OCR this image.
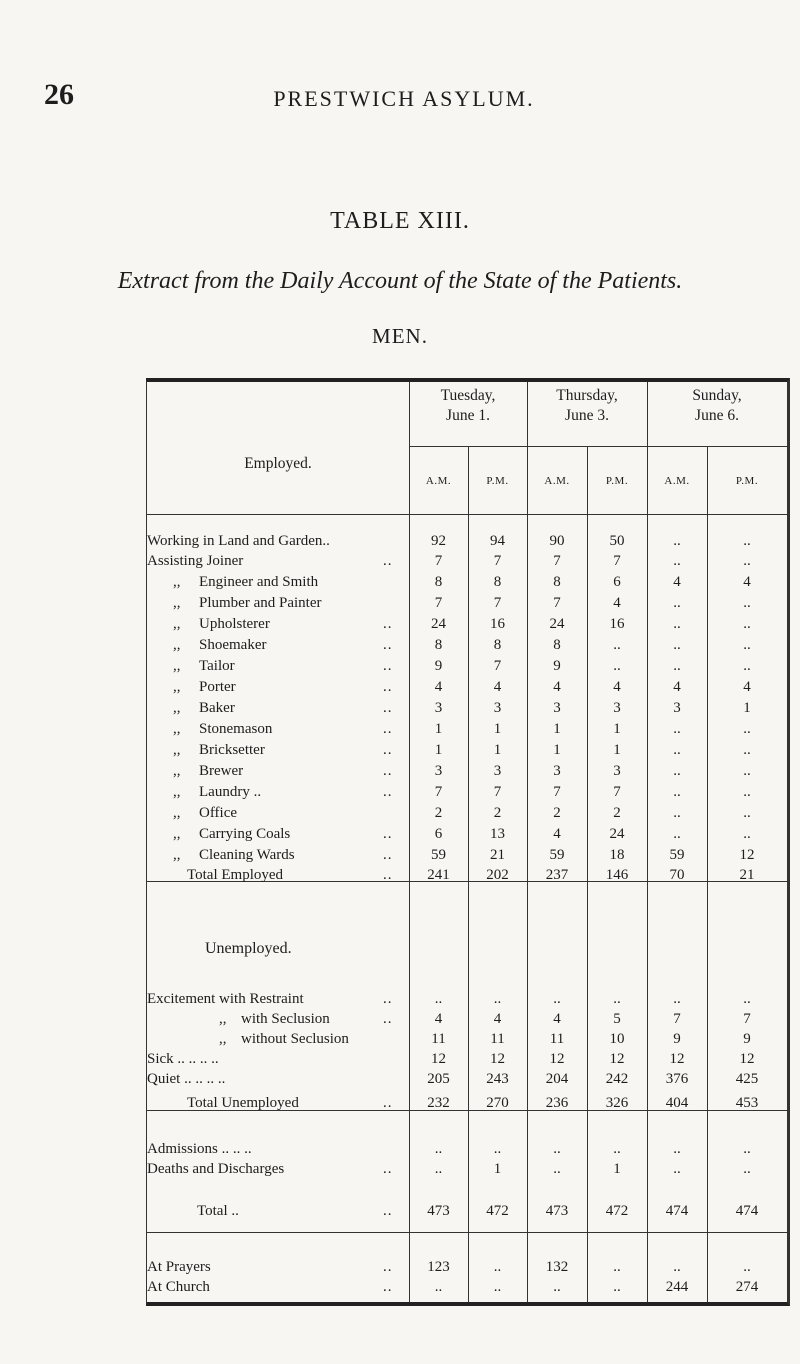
26	PRESTWICH ASYLUM.
TABLE XIII.
Extract from the Daily Account of the State of the Patients.
MEN.
Employed.
Tuesday,
June 1.
Thursday,
June 3.
Sunday,
June 6.
A.M.	P.M.	A.M.	P.M.	A.M.	P.M.
Working in Land and Garden..	92	94	90	50	..	..
Assisting Joiner	..	7	7	7	7	..	..
,, Engineer and Smith	8	8	8	6	4	4
,, Plumber and Painter	7	7	7	4	..	..
,, Upholsterer	..	24	16	24	16	..	..
,, Shoemaker	..	8	8	8	..	..	..
,, Tailor	..	9	7	9	..	..	..
,, Porter	..	4	4	4	4	4	4
,, Baker	..	3	3	3	3	3	1
,, Stonemason	..	1	1	1	1	..	..
,, Bricksetter	..	1	1	1	1	..	..
,, Brewer	..	3	3	3	3	..	..
,, Laundry ..	..	7	7	7	7	..	..
,, Office	2	2	2	2	..	..
,, Carrying Coals	..	6	13	4	24	..	..
,, Cleaning Wards	..	59	21	59	18	59	12
Total Employed	..	241	202	237	146	70	21
Unemployed.
Excitement with Restraint	..	..	..	..	..	..	..
,, with Seclusion	..	4	4	4	5	7	7
,, without Seclusion	11	11	11	10	9	9
Sick .. .. .. ..	12	12	12	12	12	12
Quiet .. .. .. ..	205	243	204	242	376	425
Total Unemployed	..	232	270	236	326	404	453
Admissions .. .. ..	..	..	..	..	..	..
Deaths and Discharges	..	..	1	..	1	..	..
Total ..	..	473	472	473	472	474	474
At Prayers	..	123	..	132	..	..	..
At Church	..	..	..	..	..	244	274
